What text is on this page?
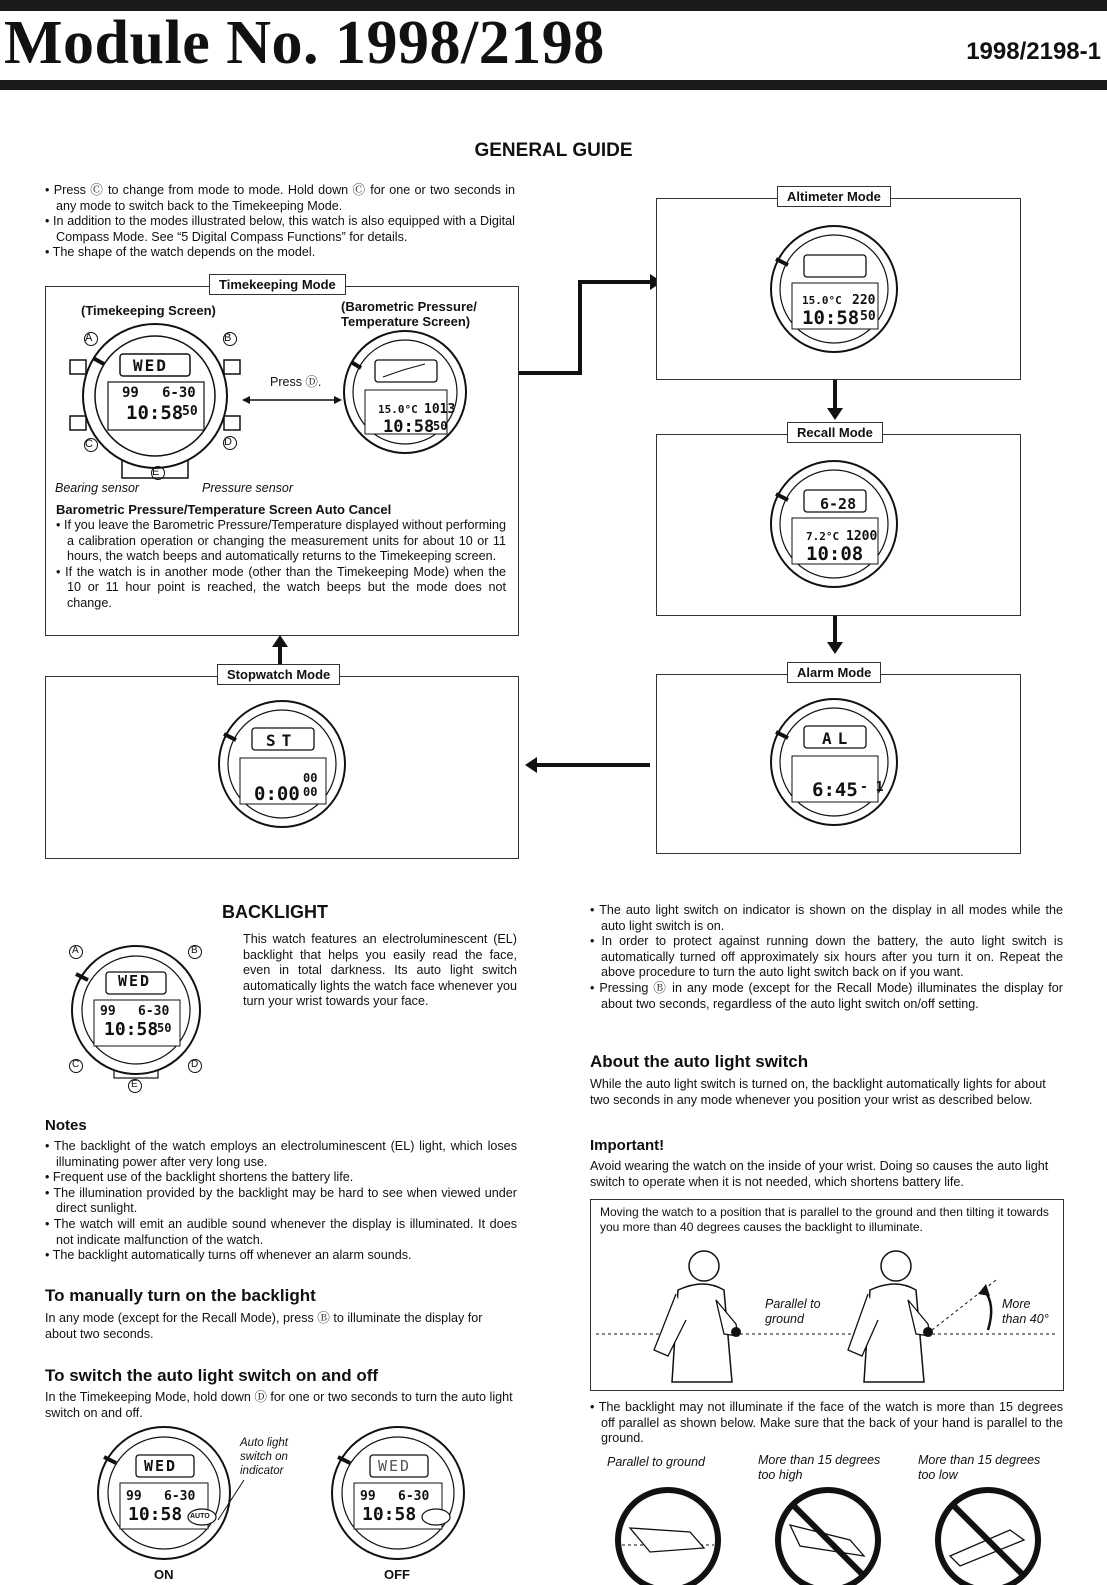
Module No. 1998/2198	1998/2198-1
GENERAL GUIDE

• Press Ⓒ to change from mode to mode. Hold down Ⓒ for one or two seconds in any mode to switch back to the Timekeeping Mode.

• In addition to the modes illustrated below, this watch is also equipped with a Digital Compass Mode. See “5 Digital Compass Functions” for details.

• The shape of the watch depends on the model.

Timekeeping Mode
(Timekeeping Screen)	(Barometric Pressure/ Temperature Screen)
WED
99 6-30
10:58
50
A	B
C	D
E
Press Ⓓ.
Bearing sensor	Pressure sensor
15.0°C 1013
10:58
50
Barometric Pressure/Temperature Screen Auto Cancel

• If you leave the Barometric Pressure/Temperature displayed without performing a calibration operation or changing the measurement units for about 10 or 11 hours, the watch beeps and automatically returns to the Timekeeping screen.

• If the watch is in another mode (other than the Timekeeping Mode) when the 10 or 11 hour point is reached, the watch beeps but the mode does not change.

Altimeter Mode
15.0°C 220
10:58 50
Recall Mode
6-28
7.2°C 1200
10:08
Alarm Mode
AL
6:45 - 1
Stopwatch Mode
ST
0:00
00
00
BACKLIGHT
WED
99 6-30
10:58
50
A	B
C	D
E
This watch features an electroluminescent (EL) backlight that helps you easily read the face, even in total darkness. Its auto light switch automatically lights the watch face whenever you turn your wrist towards your face.
Notes

• The backlight of the watch employs an electroluminescent (EL) light, which loses illuminating power after very long use.

• Frequent use of the backlight shortens the battery life.

• The illumination provided by the backlight may be hard to see when viewed under direct sunlight.

• The watch will emit an audible sound whenever the display is illuminated. It does not indicate malfunction of the watch.

• The backlight automatically turns off whenever an alarm sounds.

To manually turn on the backlight
In any mode (except for the Recall Mode), press Ⓑ to illuminate the display for about two seconds.
To switch the auto light switch on and off
In the Timekeeping Mode, hold down Ⓓ for one or two seconds to turn the auto light switch on and off.
WED
99 6-30
10:58 AUTO
Auto light switch on indicator	WED
99 6-30
10:58
ON	OFF

• The auto light switch on indicator is shown on the display in all modes while the auto light switch is on.

• In order to protect against running down the battery, the auto light switch is automatically turned off approximately six hours after you turn it on. Repeat the above procedure to turn the auto light switch back on if you want.

• Pressing Ⓑ in any mode (except for the Recall Mode) illuminates the display for about two seconds, regardless of the auto light switch on/off setting.

About the auto light switch
While the auto light switch is turned on, the backlight automatically lights for about two seconds in any mode whenever you position your wrist as described below.
Important!
Avoid wearing the watch on the inside of your wrist. Doing so causes the auto light switch to operate when it is not needed, which shortens battery life.
Moving the watch to a position that is parallel to the ground and then tilting it towards you more than 40 degrees causes the backlight to illuminate.
Parallel to ground
More than 40°

• The backlight may not illuminate if the face of the watch is more than 15 degrees off parallel as shown below. Make sure that the back of your hand is parallel to the ground.

Parallel to ground	More than 15 degrees too high
More than 15 degrees too low
